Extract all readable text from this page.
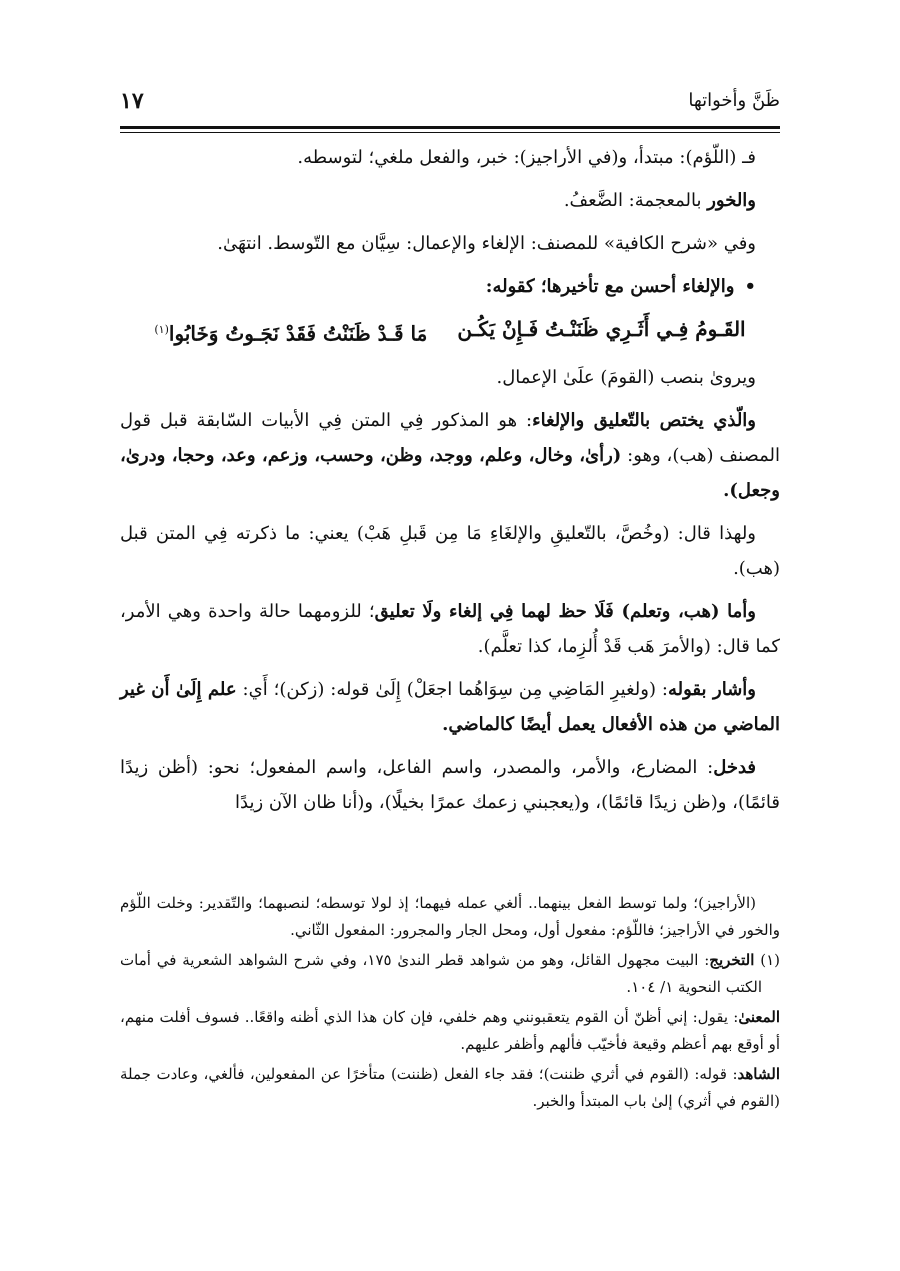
١٧	ظَنَّ وأخواتها

فـ (اللّؤم): مبتدأ، و(في الأراجيز): خبر، والفعل ملغي؛ لتوسطه.

والخور بالمعجمة: الضَّعفُ.

وفي «شرح الكافية» للمصنف: الإلغاء والإعمال: سِيَّان مع التّوسط. انتهَىٰ.

•والإلغاء أحسن مع تأخيرها؛ كقوله:

القَـومُ فِـي أَثَـرِي ظَنَنْـتُ فَـإِنْ يَكُـن
مَا قَـدْ ظَنَنْتُ فَقَدْ نَجَـوتُ وَخَابُوا$^{(١)}$

ويروىٰ بنصب (القومَ) علَىٰ الإعمال.

والّذي يختص بالتّعليق والإلغاء: هو المذكور فِي المتن فِي الأبيات السّابقة قبل قول المصنف (هب)، وهو: (رأىٰ، وخال، وعلم، ووجد، وظن، وحسب، وزعم، وعد، وحجا، ودرىٰ، وجعل).

ولهذا قال: (وخُصَّ، بالتّعليقِ والإلغَاءِ مَا مِن قَبلِ هَبْ) يعني: ما ذكرته فِي المتن قبل (هب).

وأما (هب، وتعلم) فَلَا حظ لهما فِي إلغاء ولَا تعليق؛ للزومهما حالة واحدة وهي الأمر، كما قال: (والأمرَ هَب قَدْ أُلزِما، كذا تعلَّم).

وأشار بقوله: (ولغيرِ المَاضِي مِن سِوَاهُما اجعَلْ) إِلَىٰ قوله: (زكن)؛ أَي: علم إِلَىٰ أَن غير الماضي من هذه الأفعال يعمل أيضًا كالماضي.

فدخل: المضارع، والأمر، والمصدر، واسم الفاعل، واسم المفعول؛ نحو: (أظن زيدًا قائمًا)، و(ظن زيدًا قائمًا)، و(يعجبني زعمك عمرًا بخيلًا)، و(أنا ظان الآن زيدًا

(الأراجيز)؛ ولما توسط الفعل بينهما.. ألغي عمله فيهما؛ إذ لولا توسطه؛ لنصبهما؛ والتّقدير: وخلت اللّؤم والخور في الأراجيز؛ فاللّؤم: مفعول أول، ومحل الجار والمجرور: المفعول الثّاني.

(١) التخريج: البيت مجهول القائل، وهو من شواهد قطر الندىٰ ١٧٥، وفي شرح الشواهد الشعرية في أمات الكتب النحوية ١/ ١٠٤.

المعنىٰ: يقول: إني أظنّ أن القوم يتعقبونني وهم خلفي، فإن كان هذا الذي أظنه واقعًا.. فسوف أفلت منهم، أو أوقع بهم أعظم وقيعة فأخيّب فألهم وأظفر عليهم.

الشاهد: قوله: (القوم في أثري ظننت)؛ فقد جاء الفعل (ظننت) متأخرًا عن المفعولين، فألغي، وعادت جملة (القوم في أثري) إلىٰ باب المبتدأ والخبر.
